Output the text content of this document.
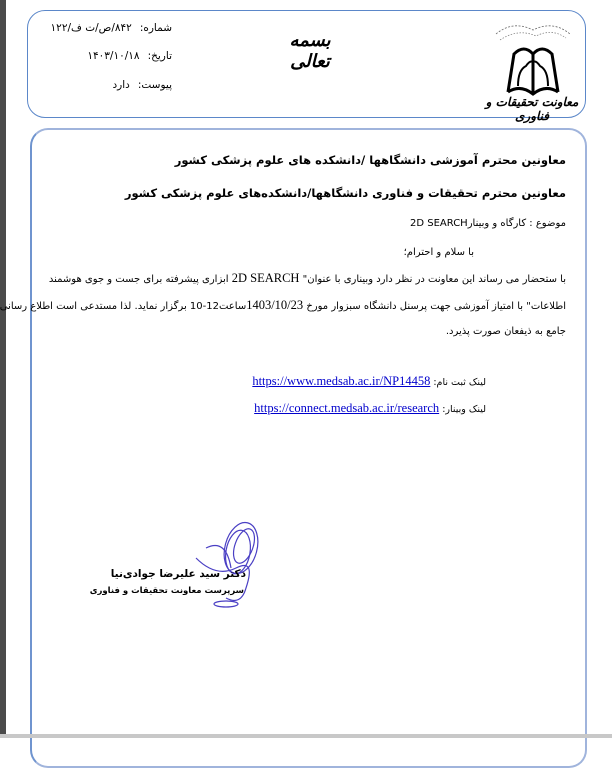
شماره:۸۴۲/ص/ت ف/۱۲۲
تاریخ:۱۴۰۳/۱۰/۱۸
پیوست:دارد
بسمه تعالی
معاونت تحقیقات و فناوری
معاونین محترم آموزشی دانشگاهها /دانشکده های علوم پزشکی کشور
معاونین محترم تحقیقات و فناوری دانشگاهها/دانشکده‌های علوم پزشکی کشور
موضوع : کارگاه و وبینار2D SEARCH
با سلام و احترام؛
با ستحضار می رساند این معاونت در نظر دارد وبیناری با عنوان" 2D SEARCH ابزاری پیشرفته برای جست و جوی هوشمند
اطلاعات" با امتیاز آموزشی جهت پرسنل دانشگاه سبزوار مورخ 1403/10/23ساعت12-10 برگزار نماید. لذا مستدعی است اطلاع رسانی
جامع به ذیفعان صورت پذیرد.
لینک ثبت نام: https://www.medsab.ac.ir/NP14458
لینک وبینار: https://connect.medsab.ac.ir/research
دکتر سید علیرضا جوادی‌نیا
سرپرست معاونت تحقیقات و فناوری
